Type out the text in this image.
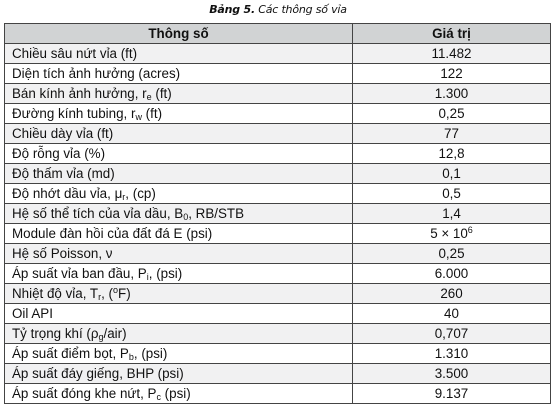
Bảng 5. Các thông số vỉa
Thông số	Giá trị
Chiều sâu nứt vỉa (ft)	11.482
Diện tích ảnh hưởng (acres)	122
Bán kính ảnh hưởng, $r_e$ (ft)	1.300
Đường kính tubing, $r_w$ (ft)	0,25
Chiều dày vỉa (ft)	77
Độ rỗng vỉa (%)	12,8
Độ thấm vỉa (md)	0,1
Độ nhớt dầu vỉa, $\mu_r$, (cp)	0,5
Hệ số thể tích của vỉa dầu, $B_0$, RB/STB	1,4
Module đàn hồi của đất đá E (psi)	$5 \times 10^6$
Hệ số Poisson, ν	0,25
Áp suất vỉa ban đầu, $P_i$, (psi)	6.000
Nhiệt độ vỉa, $T_r$, ($^o$F)	260
Oil API	40
Tỷ trọng khí $(\rho_g/air)$	0,707
Áp suất điểm bọt, $P_b$, (psi)	1.310
Áp suất đáy giếng, BHP (psi)	3.500
Áp suất đóng khe nứt, $P_c$ (psi)	9.137
